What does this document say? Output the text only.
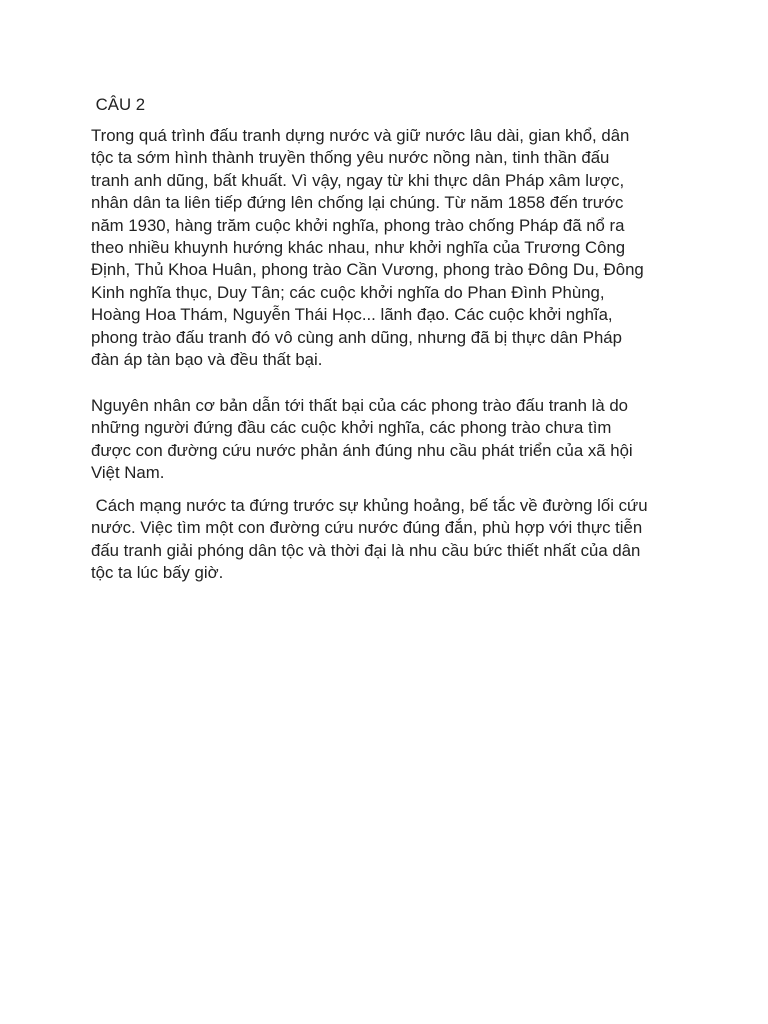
CÂU 2

Trong quá trình đấu tranh dựng nước và giữ nước lâu dài, gian khổ, dân
tộc ta sớm hình thành truyền thống yêu nước nồng nàn, tinh thần đấu
tranh anh dũng, bất khuất. Vì vậy, ngay từ khi thực dân Pháp xâm lược,
nhân dân ta liên tiếp đứng lên chống lại chúng. Từ năm 1858 đến trước
năm 1930, hàng trăm cuộc khởi nghĩa, phong trào chống Pháp đã nổ ra
theo nhiều khuynh hướng khác nhau, như khởi nghĩa của Trương Công
Định, Thủ Khoa Huân, phong trào Cần Vương, phong trào Đông Du, Đông
Kinh nghĩa thục, Duy Tân; các cuộc khởi nghĩa do Phan Đình Phùng,
Hoàng Hoa Thám, Nguyễn Thái Học... lãnh đạo. Các cuộc khởi nghĩa,
phong trào đấu tranh đó vô cùng anh dũng, nhưng đã bị thực dân Pháp
đàn áp tàn bạo và đều thất bại.

Nguyên nhân cơ bản dẫn tới thất bại của các phong trào đấu tranh là do
những người đứng đầu các cuộc khởi nghĩa, các phong trào chưa tìm
được con đường cứu nước phản ánh đúng nhu cầu phát triển của xã hội
Việt Nam.

Cách mạng nước ta đứng trước sự khủng hoảng, bế tắc về đường lối cứu
nước. Việc tìm một con đường cứu nước đúng đắn, phù hợp với thực tiễn
đấu tranh giải phóng dân tộc và thời đại là nhu cầu bức thiết nhất của dân
tộc ta lúc bấy giờ.
